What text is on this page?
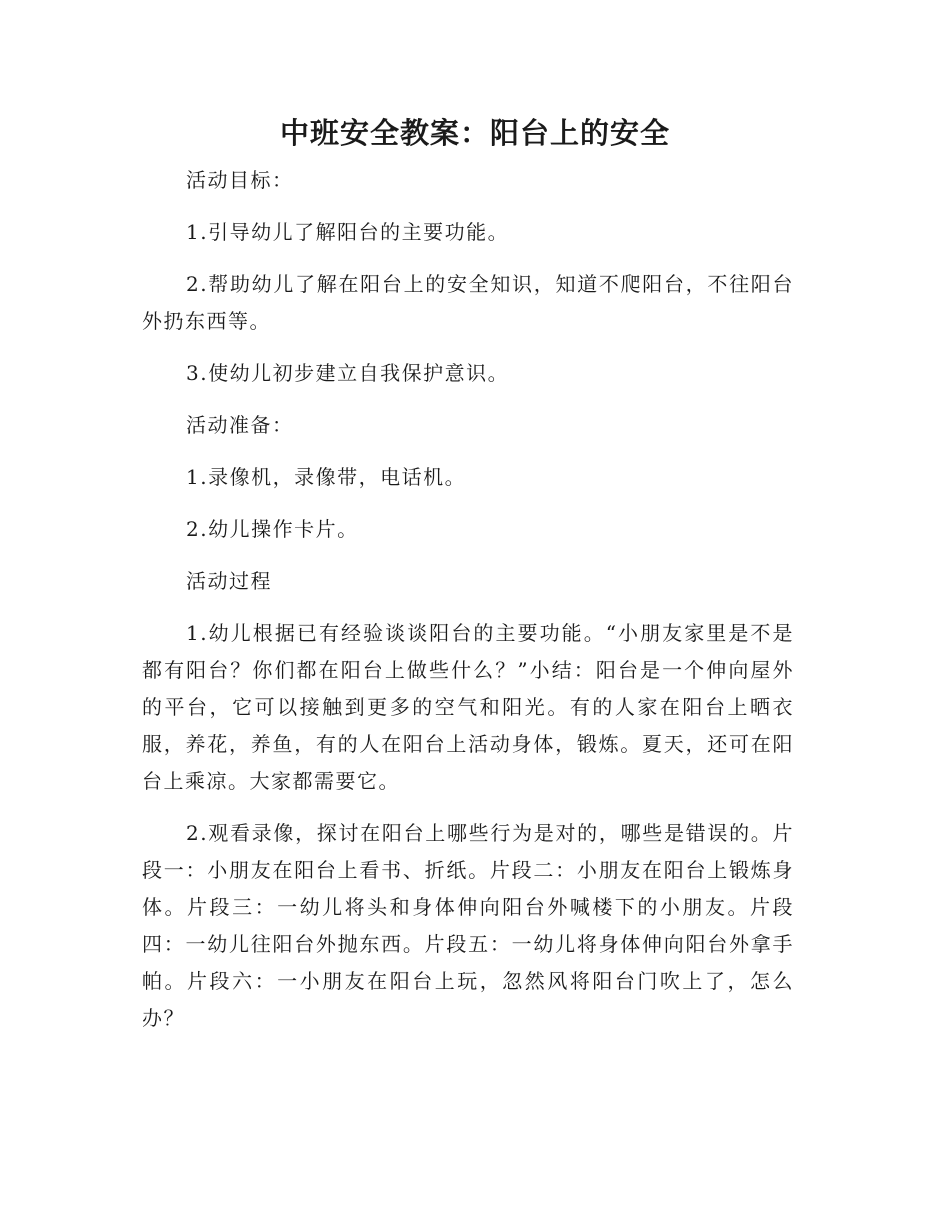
中班安全教案：阳台上的安全

活动目标：

1.引导幼儿了解阳台的主要功能。

2.帮助幼儿了解在阳台上的安全知识，知道不爬阳台，不往阳台外扔东西等。

3.使幼儿初步建立自我保护意识。

活动准备：

1.录像机，录像带，电话机。

2.幼儿操作卡片。

活动过程

1.幼儿根据已有经验谈谈阳台的主要功能。“小朋友家里是不是都有阳台？你们都在阳台上做些什么？”小结：阳台是一个伸向屋外的平台，它可以接触到更多的空气和阳光。有的人家在阳台上晒衣服，养花，养鱼，有的人在阳台上活动身体，锻炼。夏天，还可在阳台上乘凉。大家都需要它。

2.观看录像，探讨在阳台上哪些行为是对的，哪些是错误的。片段一：小朋友在阳台上看书、折纸。片段二：小朋友在阳台上锻炼身体。片段三：一幼儿将头和身体伸向阳台外喊楼下的小朋友。片段四：一幼儿往阳台外抛东西。片段五：一幼儿将身体伸向阳台外拿手帕。片段六：一小朋友在阳台上玩，忽然风将阳台门吹上了，怎么办？
